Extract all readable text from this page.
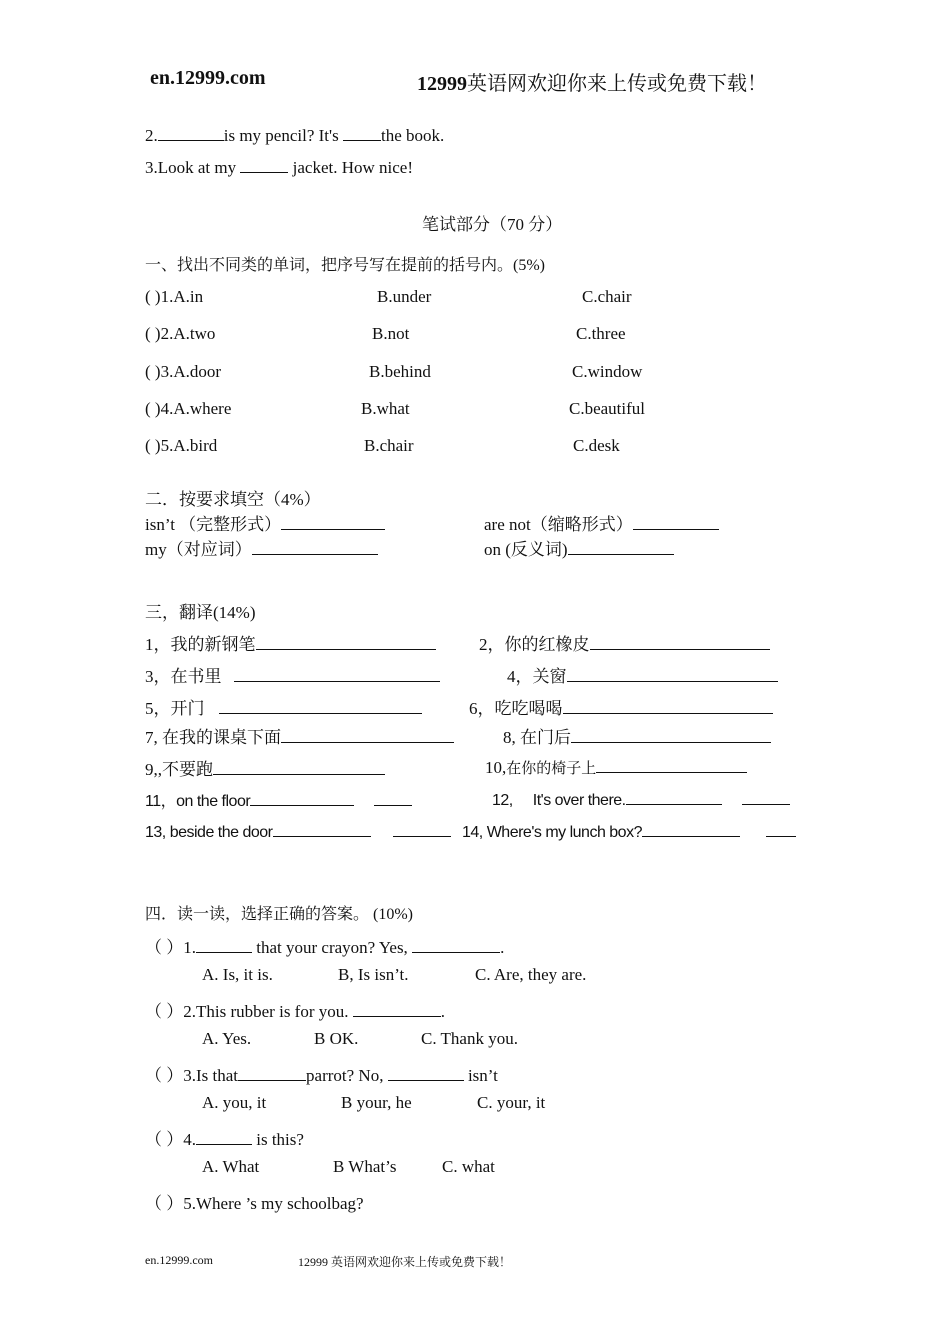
en.12999.com	12999英语网欢迎你来上传或免费下载！
2.	is my pencil? It's the book.
3.Look at my	jacket. How nice!
笔试部分（70 分）
一、找出不同类的单词，把序号写在提前的括号内。(5%)
( )1.A.in	B.under	C.chair
( )2.A.two	B.not	C.three
( )3.A.door	B.behind	C.window
( )4.A.where	B.what	C.beautiful
( )5.A.bird	B.chair	C.desk
二．按要求填空（4%）
isn’t （完整形式）	are not（缩略形式）
my（对应词）	on (反义词)
三，翻译(14%)
1，我的新钢笔	2，你的红橡皮
3，在书里	4，关窗
5，开门	6，吃吃喝喝
7, 在我的课桌下面	8, 在门后
9,,不要跑	10,在你的椅子上
11，on the floor	12, It's over there.
13, beside the door	14, Where's my lunch box?
四．读一读，选择正确的答案。 (10%)
（ ）1.	that your crayon? Yes,	.
A. Is, it is.	B, Is isn’t.	C. Are, they are.
（ ）2.This rubber is for you.	.
A. Yes.	B OK.	C. Thank you.
（ ）3.Is that	parrot? No,	isn’t
A. you, it	B your, he	C. your, it
（ ）4.	is this?
A. What	B What’s	C. what
（ ）5.Where ’s my schoolbag?
en.12999.com	12999 英语网欢迎你来上传或免费下载！
